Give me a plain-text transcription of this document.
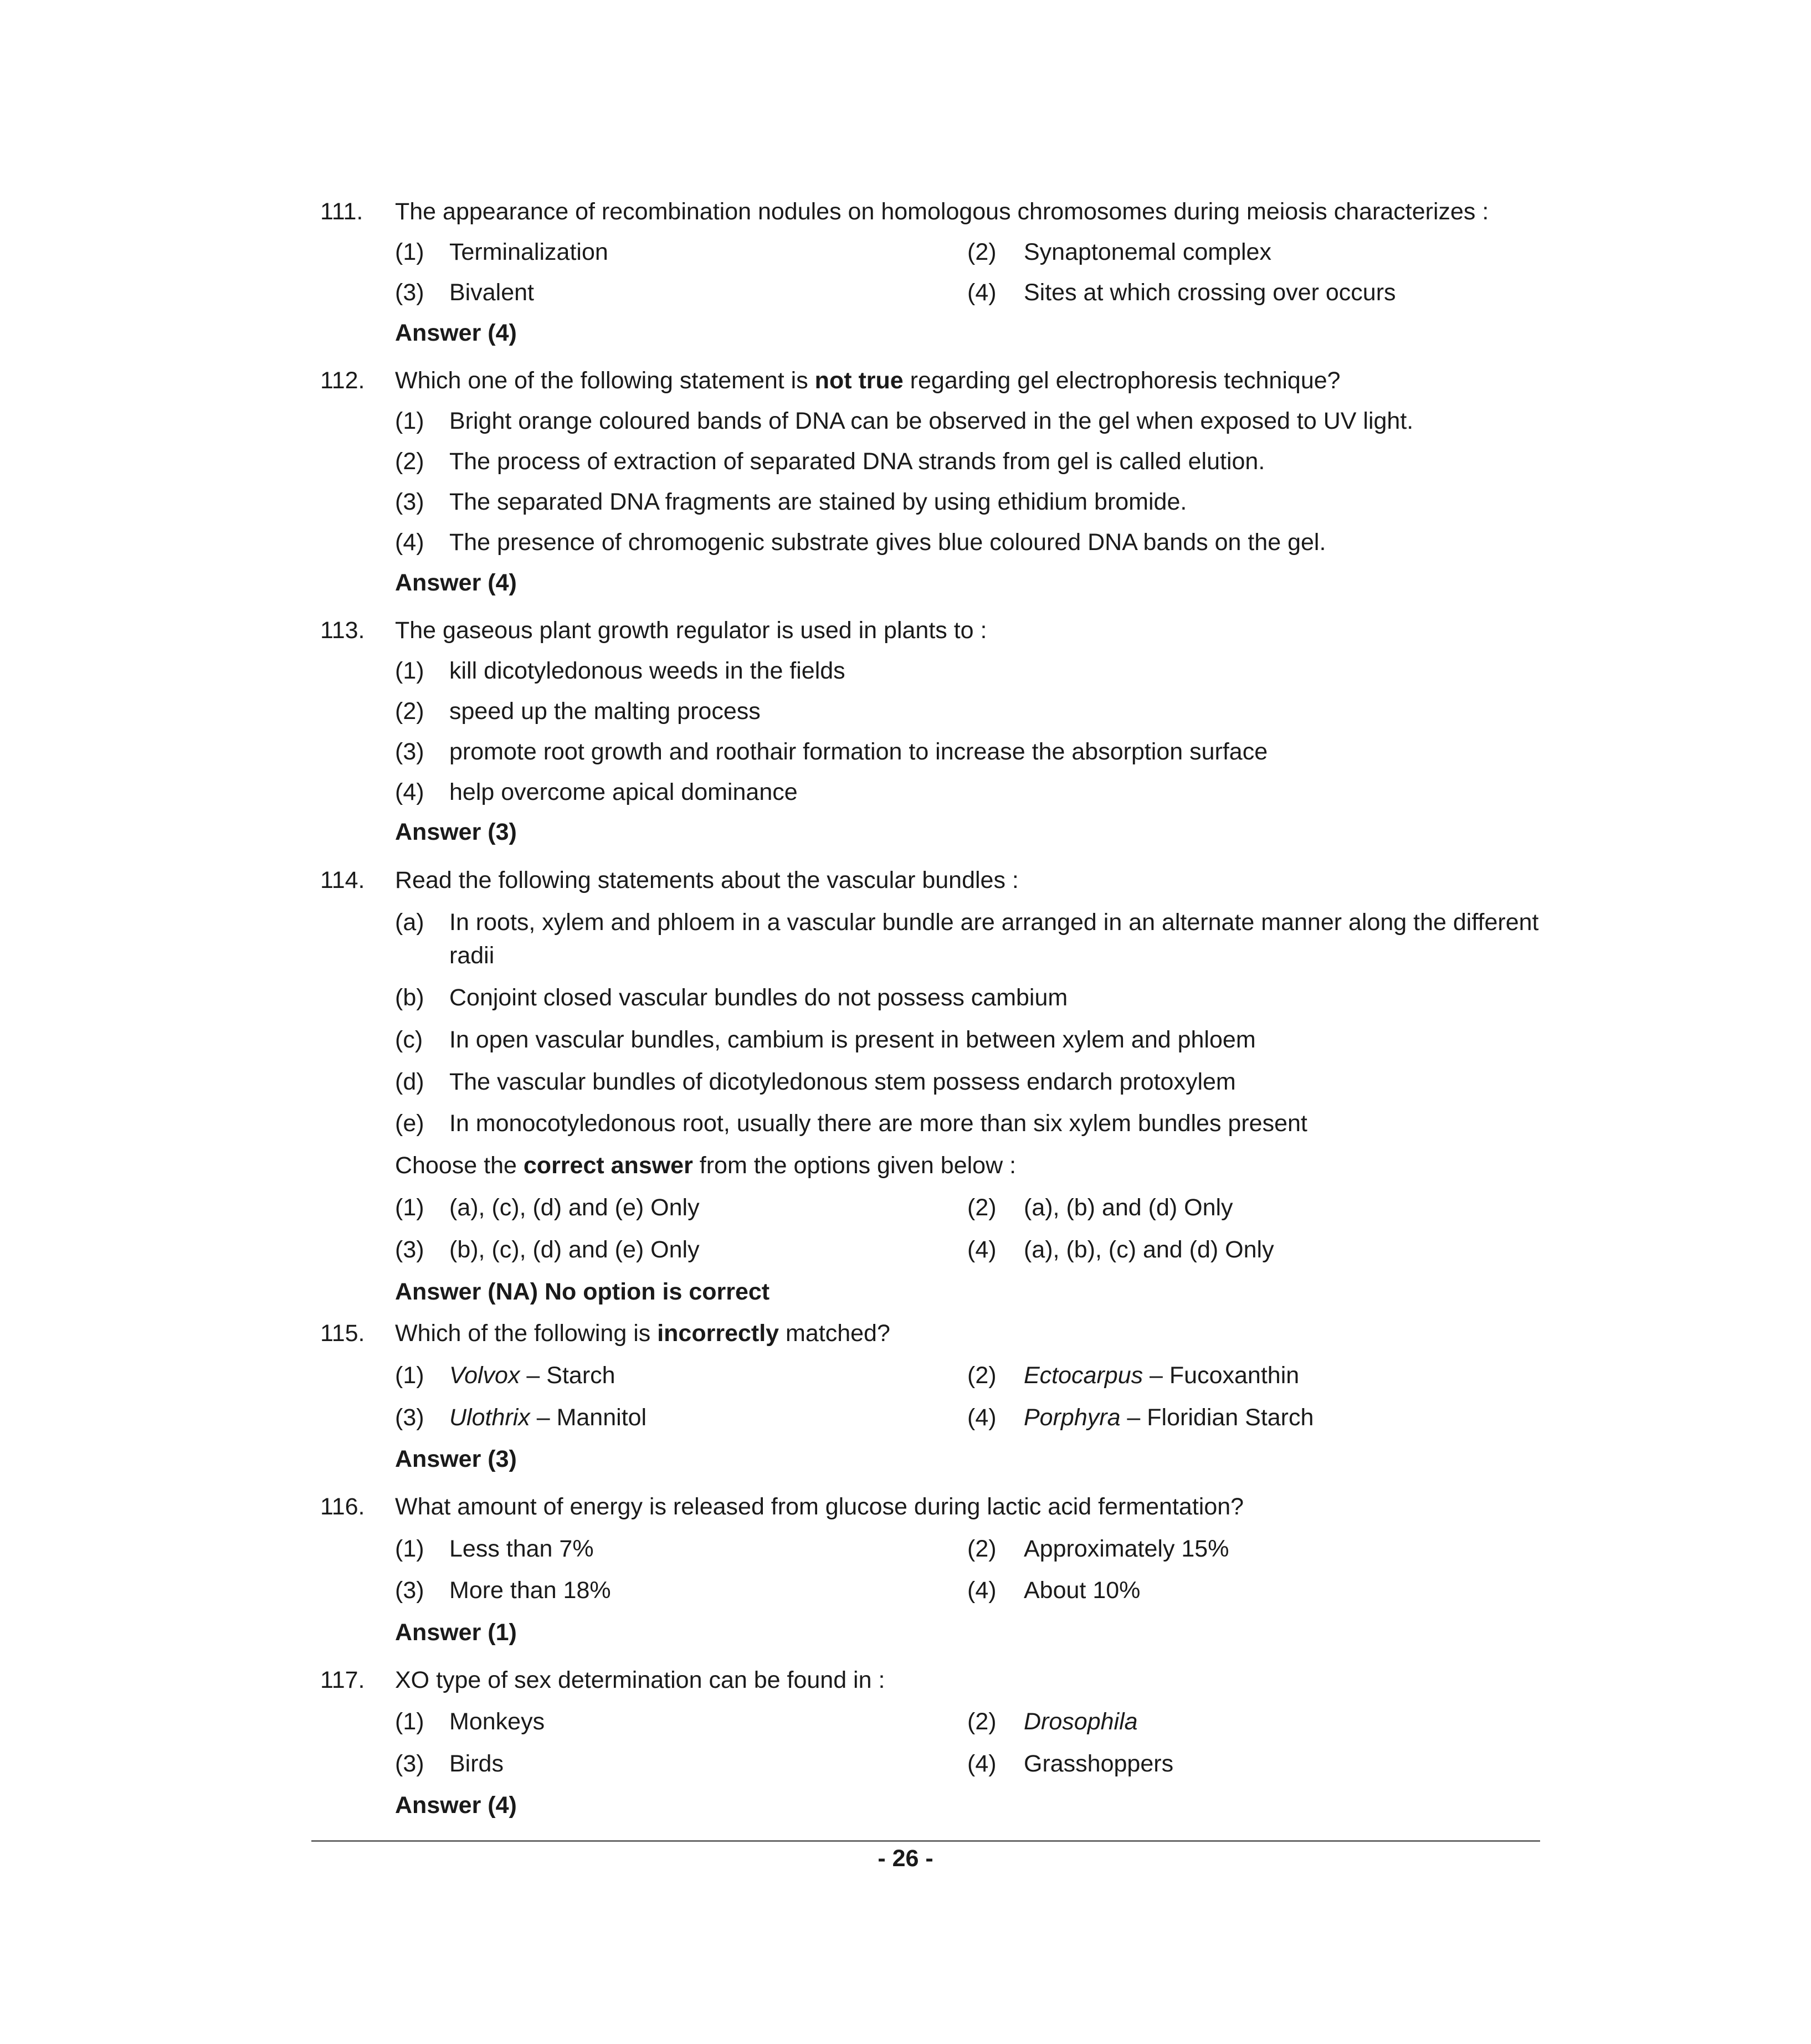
111. The appearance of recombination nodules on homologous chromosomes during meiosis characterizes :
(1) Terminalization	(2) Synaptonemal complex
(3) Bivalent	(4) Sites at which crossing over occurs
Answer (4)
112. Which one of the following statement is not true regarding gel electrophoresis technique?
(1) Bright orange coloured bands of DNA can be observed in the gel when exposed to UV light.
(2) The process of extraction of separated DNA strands from gel is called elution.
(3) The separated DNA fragments are stained by using ethidium bromide.
(4) The presence of chromogenic substrate gives blue coloured DNA bands on the gel.
Answer (4)
113. The gaseous plant growth regulator is used in plants to :
(1) kill dicotyledonous weeds in the fields
(2) speed up the malting process
(3) promote root growth and roothair formation to increase the absorption surface
(4) help overcome apical dominance
Answer (3)
114. Read the following statements about the vascular bundles :
(a) In roots, xylem and phloem in a vascular bundle are arranged in an alternate manner along the different
radii
(b) Conjoint closed vascular bundles do not possess cambium
(c) In open vascular bundles, cambium is present in between xylem and phloem
(d) The vascular bundles of dicotyledonous stem possess endarch protoxylem
(e) In monocotyledonous root, usually there are more than six xylem bundles present
Choose the correct answer from the options given below :
(1) (a), (c), (d) and (e) Only	(2) (a), (b) and (d) Only
(3) (b), (c), (d) and (e) Only	(4) (a), (b), (c) and (d) Only
Answer (NA) No option is correct
115. Which of the following is incorrectly matched?
(1) Volvox – Starch	(2) Ectocarpus – Fucoxanthin
(3) Ulothrix – Mannitol	(4) Porphyra – Floridian Starch
Answer (3)
116. What amount of energy is released from glucose during lactic acid fermentation?
(1) Less than 7%	(2) Approximately 15%
(3) More than 18%	(4) About 10%
Answer (1)
117. XO type of sex determination can be found in :
(1) Monkeys	(2) Drosophila
(3) Birds	(4) Grasshoppers
Answer (4)
- 26 -
